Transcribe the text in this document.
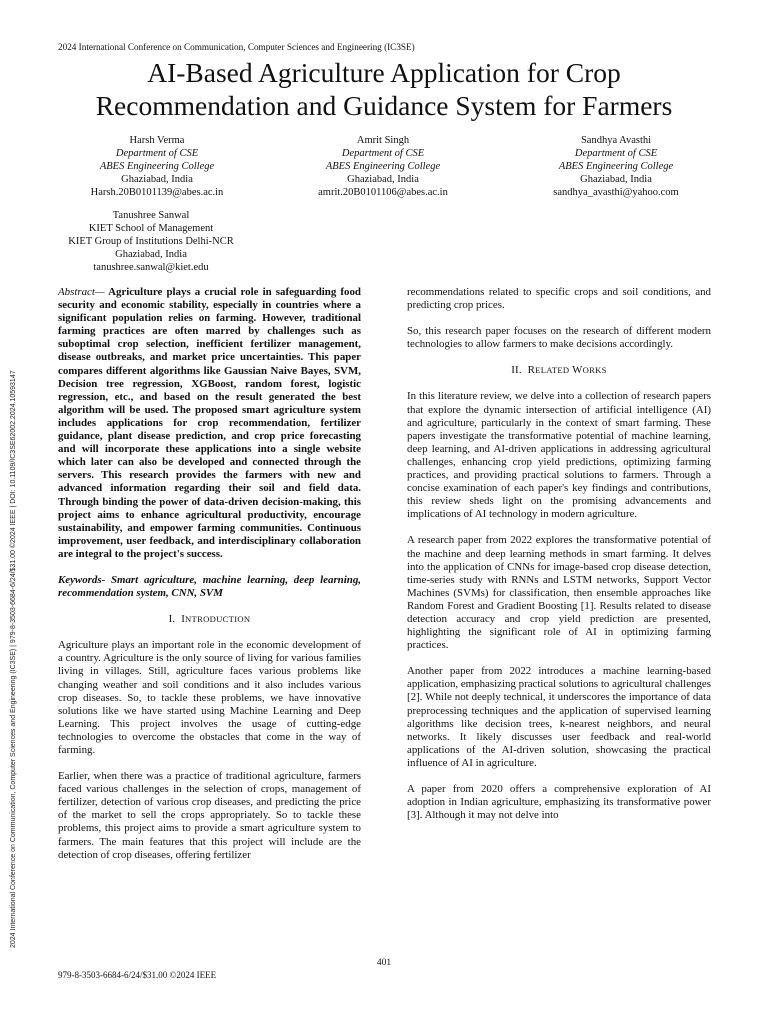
2024 International Conference on Communication, Computer Sciences and Engineering (IC3SE)
AI-Based Agriculture Application for Crop
Recommendation and Guidance System for Farmers
Harsh Verma
Department of CSE
ABES Engineering College
Ghaziabad, India
Harsh.20B0101139@abes.ac.in
Amrit Singh
Department of CSE
ABES Engineering College
Ghaziabad, India
amrit.20B0101106@abes.ac.in
Sandhya Avasthi
Department of CSE
ABES Engineering College
Ghaziabad, India
sandhya_avasthi@yahoo.com
Tanushree Sanwal
KIET School of Management
KIET Group of Institutions Delhi-NCR
Ghaziabad, India
tanushree.sanwal@kiet.edu
2024 International Conference on Communication, Computer Sciences and Engineering (IC3SE) | 979-8-3503-6684-6/24/$31.00 ©2024 IEEE | DOI: 10.1109/IC3SE62002.2024.10593147

Abstract— Agriculture plays a crucial role in safeguarding food security and economic stability, especially in countries where a significant population relies on farming. However, traditional farming practices are often marred by challenges such as suboptimal crop selection, inefficient fertilizer management, disease outbreaks, and market price uncertainties. This paper compares different algorithms like Gaussian Naive Bayes, SVM, Decision tree regression, XGBoost, random forest, logistic regression, etc., and based on the result generated the best algorithm will be used. The proposed smart agriculture system includes applications for crop recommendation, fertilizer guidance, plant disease prediction, and crop price forecasting and will incorporate these applications into a single website which later can also be developed and connected through the servers. This research provides the farmers with new and advanced information regarding their soil and field data. Through binding the power of data-driven decision-making, this project aims to enhance agricultural productivity, encourage sustainability, and empower farming communities. Continuous improvement, user feedback, and interdisciplinary collaboration are integral to the project's success.

Keywords- Smart agriculture, machine learning, deep learning, recommendation system, CNN, SVM

I. INTRODUCTION

Agriculture plays an important role in the economic development of a country. Agriculture is the only source of living for various families living in villages. Still, agriculture faces various problems like changing weather and soil conditions and it also includes various crop diseases. So, to tackle these problems, we have innovative solutions like we have started using Machine Learning and Deep Learning. This project involves the usage of cutting-edge technologies to overcome the obstacles that come in the way of farming.

Earlier, when there was a practice of traditional agriculture, farmers faced various challenges in the selection of crops, management of fertilizer, detection of various crop diseases, and predicting the price of the market to sell the crops appropriately. So to tackle these problems, this project aims to provide a smart agriculture system to farmers. The main features that this project will include are the detection of crop diseases, offering fertilizer

recommendations related to specific crops and soil conditions, and predicting crop prices.

So, this research paper focuses on the research of different modern technologies to allow farmers to make decisions accordingly.

II. RELATED WORKS

In this literature review, we delve into a collection of research papers that explore the dynamic intersection of artificial intelligence (AI) and agriculture, particularly in the context of smart farming. These papers investigate the transformative potential of machine learning, deep learning, and AI-driven applications in addressing agricultural challenges, enhancing crop yield predictions, optimizing farming practices, and providing practical solutions to farmers. Through a concise examination of each paper's key findings and contributions, this review sheds light on the promising advancements and implications of AI technology in modern agriculture.

A research paper from 2022 explores the transformative potential of the machine and deep learning methods in smart farming. It delves into the application of CNNs for image-based crop disease detection, time-series study with RNNs and LSTM networks, Support Vector Machines (SVMs) for classification, then ensemble approaches like Random Forest and Gradient Boosting [1]. Results related to disease detection accuracy and crop yield prediction are presented, highlighting the significant role of AI in optimizing farming practices.

Another paper from 2022 introduces a machine learning-based application, emphasizing practical solutions to agricultural challenges [2]. While not deeply technical, it underscores the importance of data preprocessing techniques and the application of supervised learning algorithms like decision trees, k-nearest neighbors, and neural networks. It likely discusses user feedback and real-world applications of the AI-driven solution, showcasing the practical influence of AI in agriculture.

A paper from 2020 offers a comprehensive exploration of AI adoption in Indian agriculture, emphasizing its transformative power [3]. Although it may not delve into

401
979-8-3503-6684-6/24/$31.00 ©2024 IEEE
